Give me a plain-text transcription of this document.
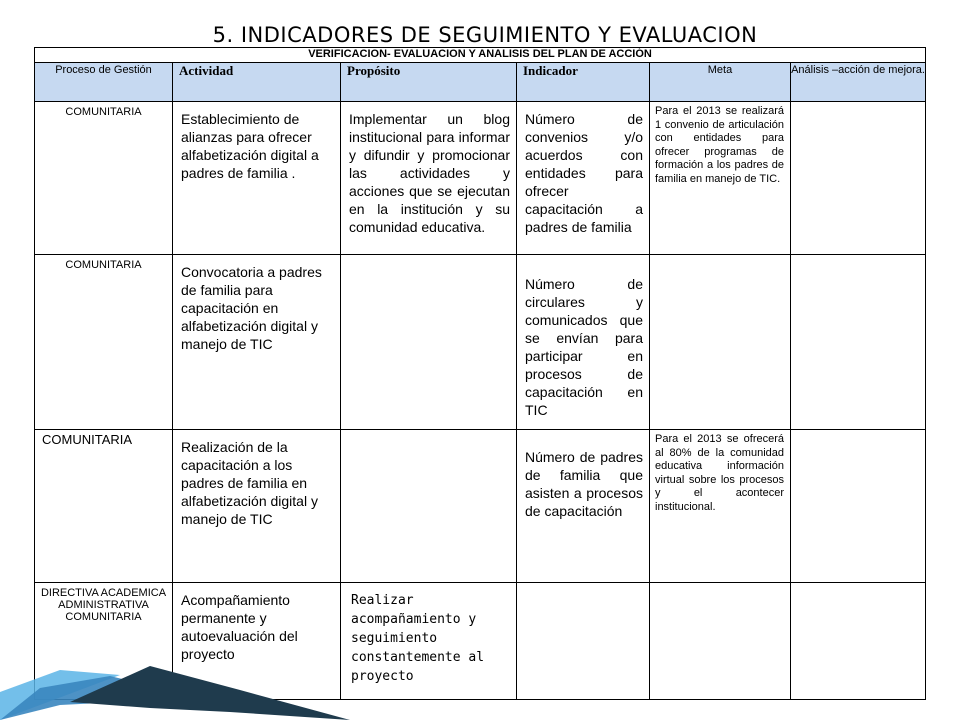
5. INDICADORES DE SEGUIMIENTO Y EVALUACION
VERIFICACION- EVALUACION Y ANALISIS DEL PLAN DE ACCIÓN					
Proceso de Gestión	Actividad	Propósito	Indicador	Meta	Análisis –acción de mejora.
COMUNITARIA	Establecimiento de alianzas para ofrecer alfabetización digital a padres de familia .	Implementar un blog institucional para informar y difundir y promocionar las actividades y acciones que se ejecutan en la institución y su comunidad educativa.	Número de convenios y/o acuerdos con entidades para ofrecer capacitación a padres de familia	Para el 2013 se realizará 1 convenio de articulación con entidades para ofrecer programas de formación a los padres de familia en manejo de TIC.	
COMUNITARIA	Convocatoria a padres de familia para capacitación en alfabetización digital y manejo de TIC		Número de circulares y comunicados que se envían para participar en procesos de capacitación en TIC		
COMUNITARIA	Realización de la capacitación a los padres de familia en alfabetización digital y manejo de TIC		Número de padres de familia que asisten a procesos de capacitación	Para el 2013 se ofrecerá al 80% de la comunidad educativa información virtual sobre los procesos y el acontecer institucional.	
DIRECTIVA ACADEMICA ADMINISTRATIVA COMUNITARIA	Acompañamiento permanente y autoevaluación del proyecto	Realizar acompañamiento y seguimiento constantemente al proyecto			
